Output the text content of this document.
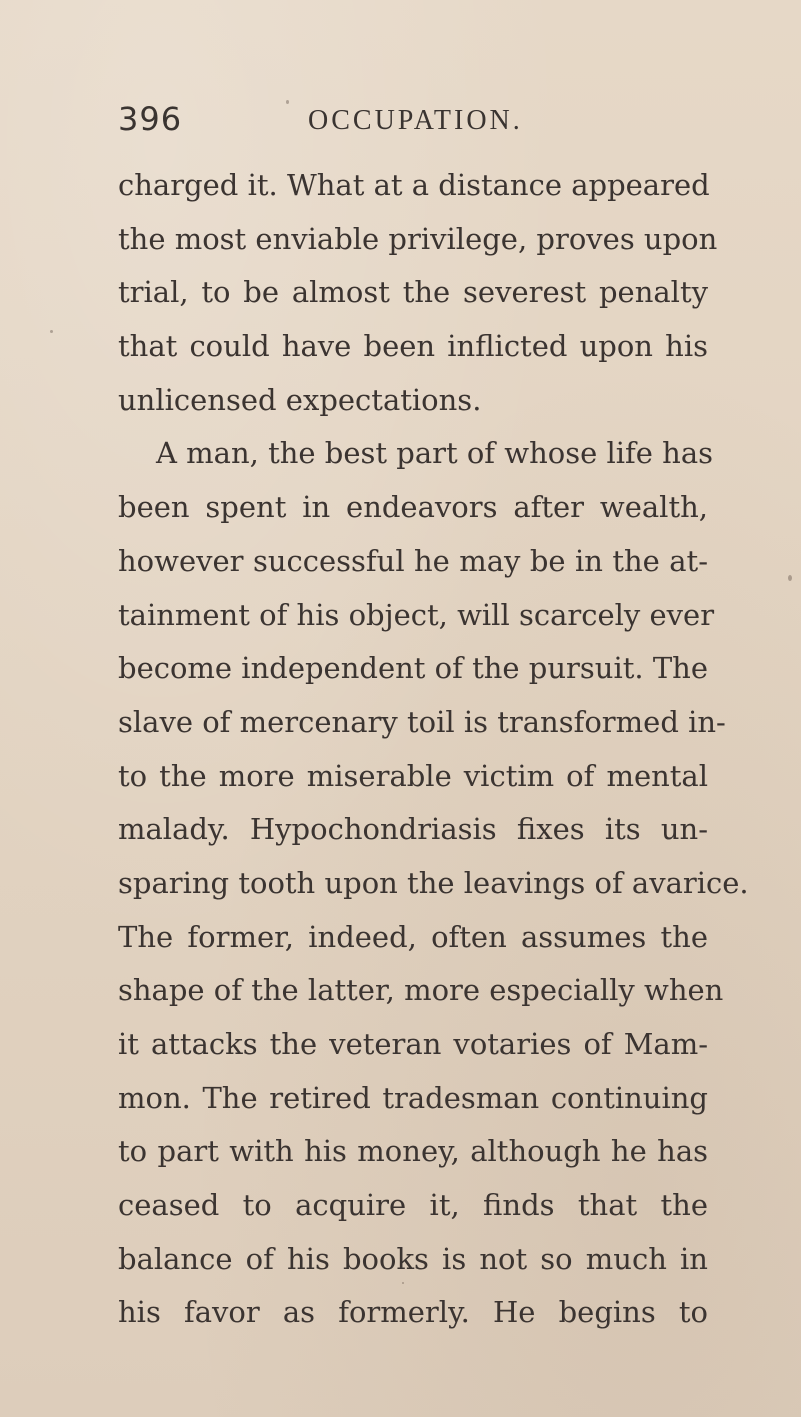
396	OCCUPATION.
charged it. What at a distance appeared
the most enviable privilege, proves upon
trial, to be almost the severest penalty
that could have been inflicted upon his
unlicensed expectations.
A man, the best part of whose life has
been spent in endeavors after wealth,
however successful he may be in the at-
tainment of his object, will scarcely ever
become independent of the pursuit. The
slave of mercenary toil is transformed in-
to the more miserable victim of mental
malady. Hypochondriasis fixes its un-
sparing tooth upon the leavings of avarice.
The former, indeed, often assumes the
shape of the latter, more especially when
it attacks the veteran votaries of Mam-
mon. The retired tradesman continuing
to part with his money, although he has
ceased to acquire it, finds that the
balance of his books is not so much in
his favor as formerly. He begins to
